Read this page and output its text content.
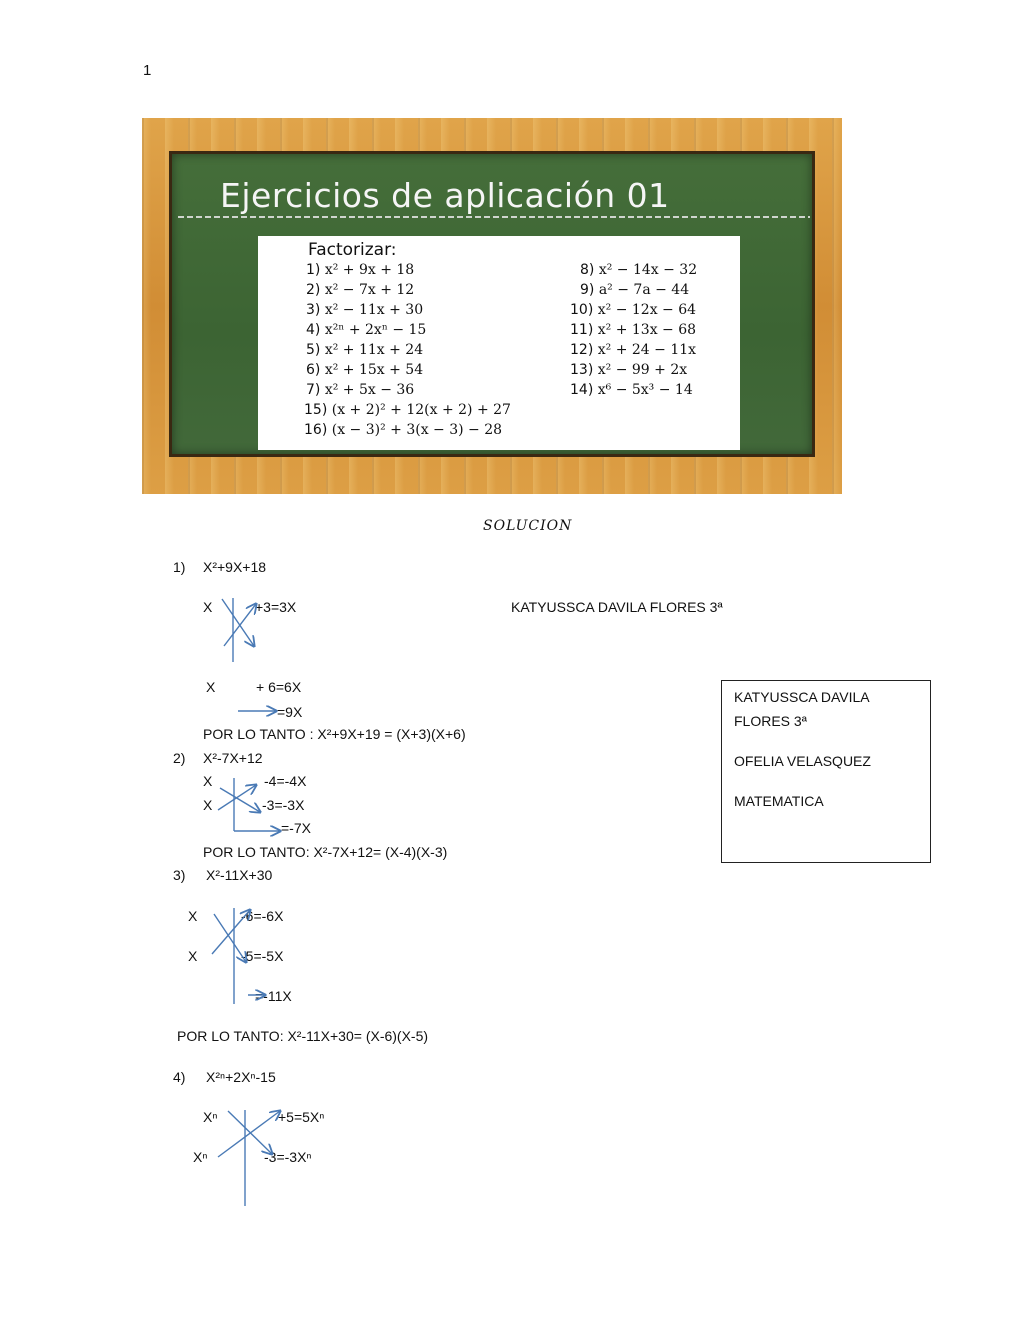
1
Ejercicios de aplicación 01
Factorizar:
1) x² + 9x + 18
2) x² − 7x + 12
3) x² − 11x + 30
4) x²ⁿ + 2xⁿ − 15
5) x² + 11x + 24
6) x² + 15x + 54
7) x² + 5x − 36
15) (x + 2)² + 12(x + 2) + 27
16) (x − 3)² + 3(x − 3) − 28
8) x² − 14x − 32
9) a² − 7a − 44
10) x² − 12x − 64
11) x² + 13x − 68
12) x² + 24 − 11x
13) x² − 99 + 2x
14) x⁶ − 5x³ − 14
SOLUCION
1) X²+9X+18
X	+3=3X	KATYUSSCA DAVILA FLORES 3ª
X	+ 6=6X
=9X
POR LO TANTO : X²+9X+19 = (X+3)(X+6)
2) X²-7X+12
X	-4=-4X
X	-3=-3X
=-7X
POR LO TANTO: X²-7X+12= (X-4)(X-3)
3) X²-11X+30
X	-6=-6X
X	-5=-5X
=-11X
POR LO TANTO: X²-11X+30= (X-6)(X-5)
4) X²ⁿ+2Xⁿ-15
Xⁿ	+5=5Xⁿ
Xⁿ	-3=-3Xⁿ
KATYUSSCA DAVILA
FLORES 3ª
OFELIA VELASQUEZ
MATEMATICA
